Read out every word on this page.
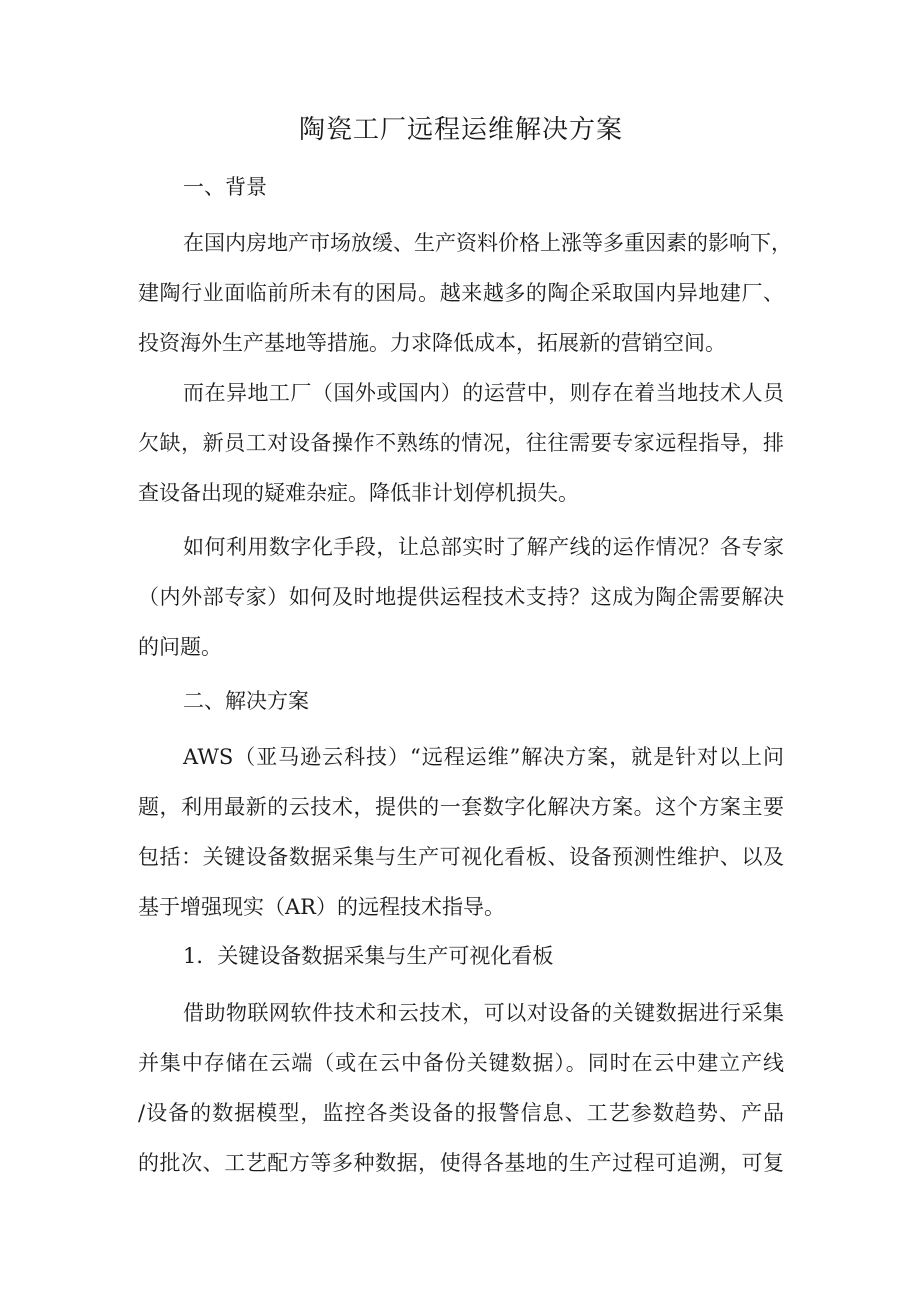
陶瓷工厂远程运维解决方案
一、背景
在国内房地产市场放缓、生产资料价格上涨等多重因素的影响下，
建陶行业面临前所未有的困局。越来越多的陶企采取国内异地建厂、
投资海外生产基地等措施。力求降低成本，拓展新的营销空间。
而在异地工厂（国外或国内）的运营中，则存在着当地技术人员
欠缺，新员工对设备操作不熟练的情况，往往需要专家远程指导，排
查设备出现的疑难杂症。降低非计划停机损失。
如何利用数字化手段，让总部实时了解产线的运作情况？各专家
（内外部专家）如何及时地提供运程技术支持？这成为陶企需要解决
的问题。
二、解决方案
AWS（亚马逊云科技）“远程运维”解决方案，就是针对以上问
题，利用最新的云技术，提供的一套数字化解决方案。这个方案主要
包括：关键设备数据采集与生产可视化看板、设备预测性维护、以及
基于增强现实（AR）的远程技术指导。
1．关键设备数据采集与生产可视化看板
借助物联网软件技术和云技术，可以对设备的关键数据进行采集
并集中存储在云端（或在云中备份关键数据）。同时在云中建立产线
/设备的数据模型，监控各类设备的报警信息、工艺参数趋势、产品
的批次、工艺配方等多种数据，使得各基地的生产过程可追溯，可复
